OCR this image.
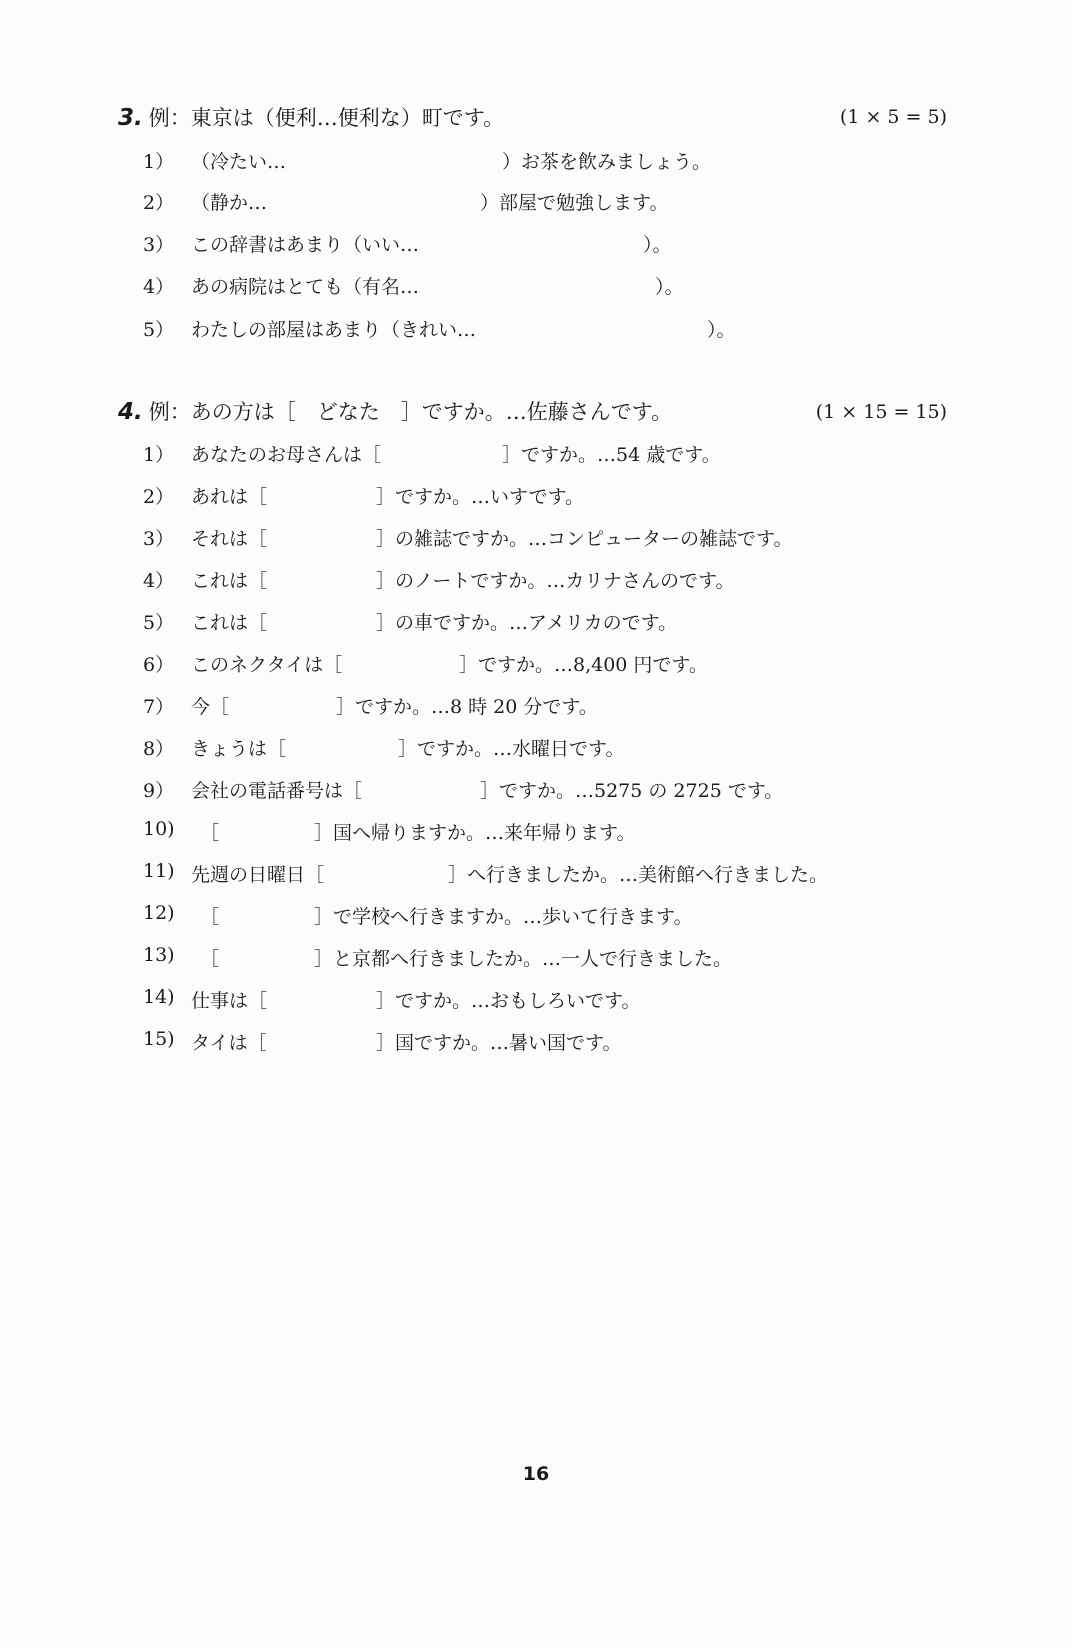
3. 例：東京は（便利…便利な）町です。	(1 × 5 = 5)
1） （冷たい…	）お茶を飲みましょう。
2） （静か…	）部屋で勉強します。
3） この辞書はあまり（いい…	）。
4） あの病院はとても（有名…	）。
5） わたしの部屋はあまり（きれい…	）。
4. 例：あの方は［　どなた　］ですか。…佐藤さんです。	(1 × 15 = 15)
1） あなたのお母さんは［	］ですか。…54 歳です。
2） あれは［	］ですか。…いすです。
3） それは［	］の雑誌ですか。…コンピューターの雑誌です。
4） これは［	］のノートですか。…カリナさんのです。
5） これは［	］の車ですか。…アメリカのです。
6） このネクタイは［	］ですか。…8,400 円です。
7） 今［	］ですか。…8 時 20 分です。
8） きょうは［	］ですか。…水曜日です。
9） 会社の電話番号は［	］ですか。…5275 の 2725 です。
10) ［	］国へ帰りますか。…来年帰ります。
11) 先週の日曜日［	］へ行きましたか。…美術館へ行きました。
12) ［	］で学校へ行きますか。…歩いて行きます。
13) ［	］と京都へ行きましたか。…一人で行きました。
14) 仕事は［	］ですか。…おもしろいです。
15) タイは［	］国ですか。…暑い国です。
16
